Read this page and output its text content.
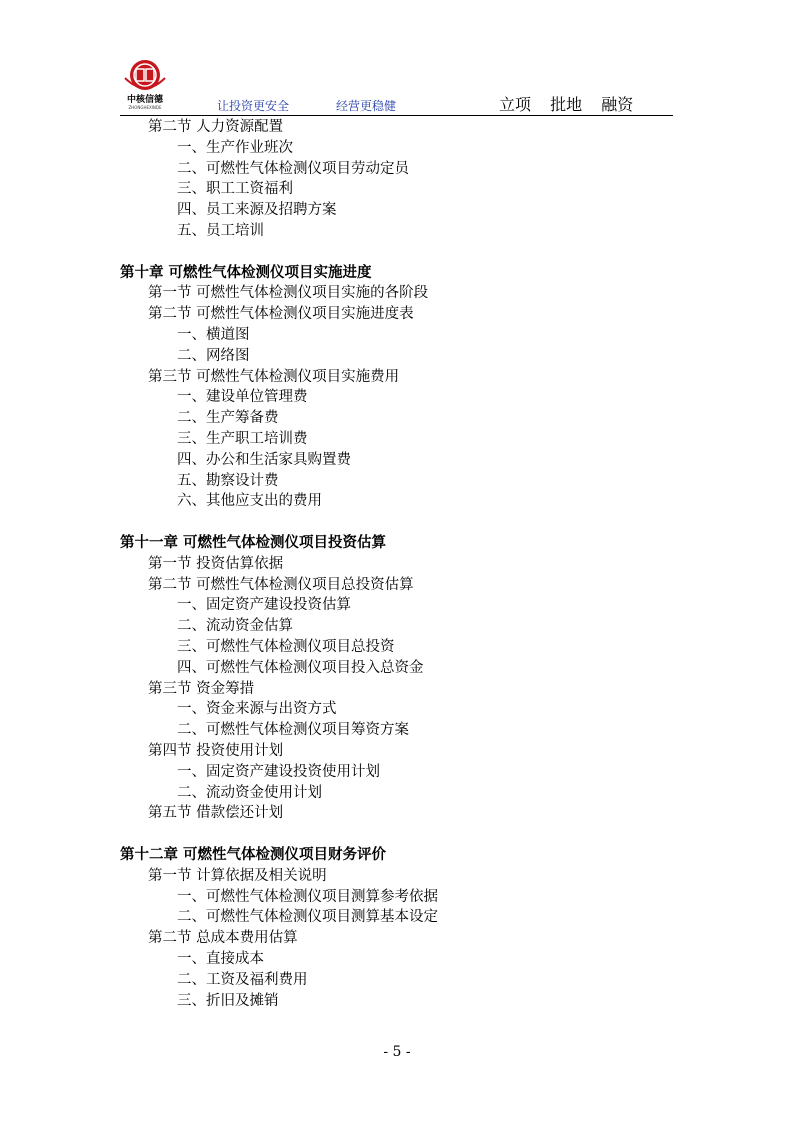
中核信德
ZHONGHEXINDE	让投资更安全	经营更稳健	立项 批地 融资
第二节 人力资源配置
一、生产作业班次
二、可燃性气体检测仪项目劳动定员
三、职工工资福利
四、员工来源及招聘方案
五、员工培训
第十章 可燃性气体检测仪项目实施进度
第一节 可燃性气体检测仪项目实施的各阶段
第二节 可燃性气体检测仪项目实施进度表
一、横道图
二、网络图
第三节 可燃性气体检测仪项目实施费用
一、建设单位管理费
二、生产筹备费
三、生产职工培训费
四、办公和生活家具购置费
五、勘察设计费
六、其他应支出的费用
第十一章 可燃性气体检测仪项目投资估算
第一节 投资估算依据
第二节 可燃性气体检测仪项目总投资估算
一、固定资产建设投资估算
二、流动资金估算
三、可燃性气体检测仪项目总投资
四、可燃性气体检测仪项目投入总资金
第三节 资金筹措
一、资金来源与出资方式
二、可燃性气体检测仪项目筹资方案
第四节 投资使用计划
一、固定资产建设投资使用计划
二、流动资金使用计划
第五节 借款偿还计划
第十二章 可燃性气体检测仪项目财务评价
第一节 计算依据及相关说明
一、可燃性气体检测仪项目测算参考依据
二、可燃性气体检测仪项目测算基本设定
第二节 总成本费用估算
一、直接成本
二、工资及福利费用
三、折旧及摊销
- 5 -
